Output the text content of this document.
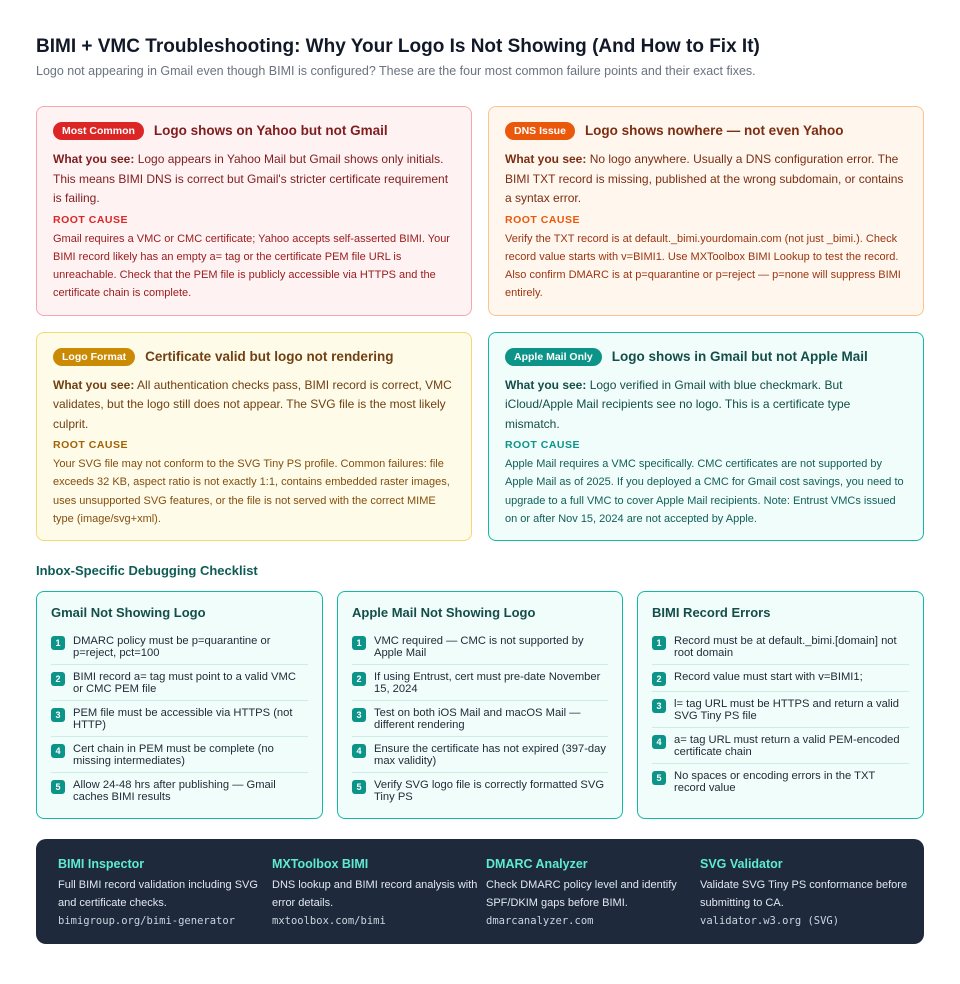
BIMI + VMC Troubleshooting: Why Your Logo Is Not Showing (And How to Fix It)

Logo not appearing in Gmail even though BIMI is configured? These are the four most common failure points and their exact fixes.

Most Common	Logo shows on Yahoo but not Gmail

What you see: Logo appears in Yahoo Mail but Gmail shows only initials. This means BIMI DNS is correct but Gmail's stricter certificate requirement is failing.

ROOT CAUSE

Gmail requires a VMC or CMC certificate; Yahoo accepts self-asserted BIMI. Your BIMI record likely has an empty a= tag or the certificate PEM file URL is unreachable. Check that the PEM file is publicly accessible via HTTPS and the certificate chain is complete.

DNS Issue	Logo shows nowhere — not even Yahoo

What you see: No logo anywhere. Usually a DNS configuration error. The BIMI TXT record is missing, published at the wrong subdomain, or contains a syntax error.

ROOT CAUSE

Verify the TXT record is at default._bimi.yourdomain.com (not just _bimi.). Check record value starts with v=BIMI1. Use MXToolbox BIMI Lookup to test the record. Also confirm DMARC is at p=quarantine or p=reject — p=none will suppress BIMI entirely.

Logo Format	Certificate valid but logo not rendering

What you see: All authentication checks pass, BIMI record is correct, VMC validates, but the logo still does not appear. The SVG file is the most likely culprit.

ROOT CAUSE

Your SVG file may not conform to the SVG Tiny PS profile. Common failures: file exceeds 32 KB, aspect ratio is not exactly 1:1, contains embedded raster images, uses unsupported SVG features, or the file is not served with the correct MIME type (image/svg+xml).

Apple Mail Only	Logo shows in Gmail but not Apple Mail

What you see: Logo verified in Gmail with blue checkmark. But iCloud/Apple Mail recipients see no logo. This is a certificate type mismatch.

ROOT CAUSE

Apple Mail requires a VMC specifically. CMC certificates are not supported by Apple Mail as of 2025. If you deployed a CMC for Gmail cost savings, you need to upgrade to a full VMC to cover Apple Mail recipients. Note: Entrust VMCs issued on or after Nov 15, 2024 are not accepted by Apple.

Inbox-Specific Debugging Checklist
Gmail Not Showing Logo
1	DMARC policy must be p=quarantine or p=reject, pct=100
2	BIMI record a= tag must point to a valid VMC or CMC PEM file
3	PEM file must be accessible via HTTPS (not HTTP)
4	Cert chain in PEM must be complete (no missing intermediates)
5	Allow 24-48 hrs after publishing — Gmail caches BIMI results
Apple Mail Not Showing Logo
1	VMC required — CMC is not supported by Apple Mail
2	If using Entrust, cert must pre-date November 15, 2024
3	Test on both iOS Mail and macOS Mail — different rendering
4	Ensure the certificate has not expired (397-day max validity)
5	Verify SVG logo file is correctly formatted SVG Tiny PS
BIMI Record Errors
1	Record must be at default._bimi.[domain] not root domain
2	Record value must start with v=BIMI1;
3	l= tag URL must be HTTPS and return a valid SVG Tiny PS file
4	a= tag URL must return a valid PEM-encoded certificate chain
5	No spaces or encoding errors in the TXT record value
BIMI Inspector
Full BIMI record validation including SVG and certificate checks.
bimigroup.org/bimi-generator
MXToolbox BIMI
DNS lookup and BIMI record analysis with error details.
mxtoolbox.com/bimi
DMARC Analyzer
Check DMARC policy level and identify SPF/DKIM gaps before BIMI.
dmarcanalyzer.com
SVG Validator
Validate SVG Tiny PS conformance before submitting to CA.
validator.w3.org (SVG)
